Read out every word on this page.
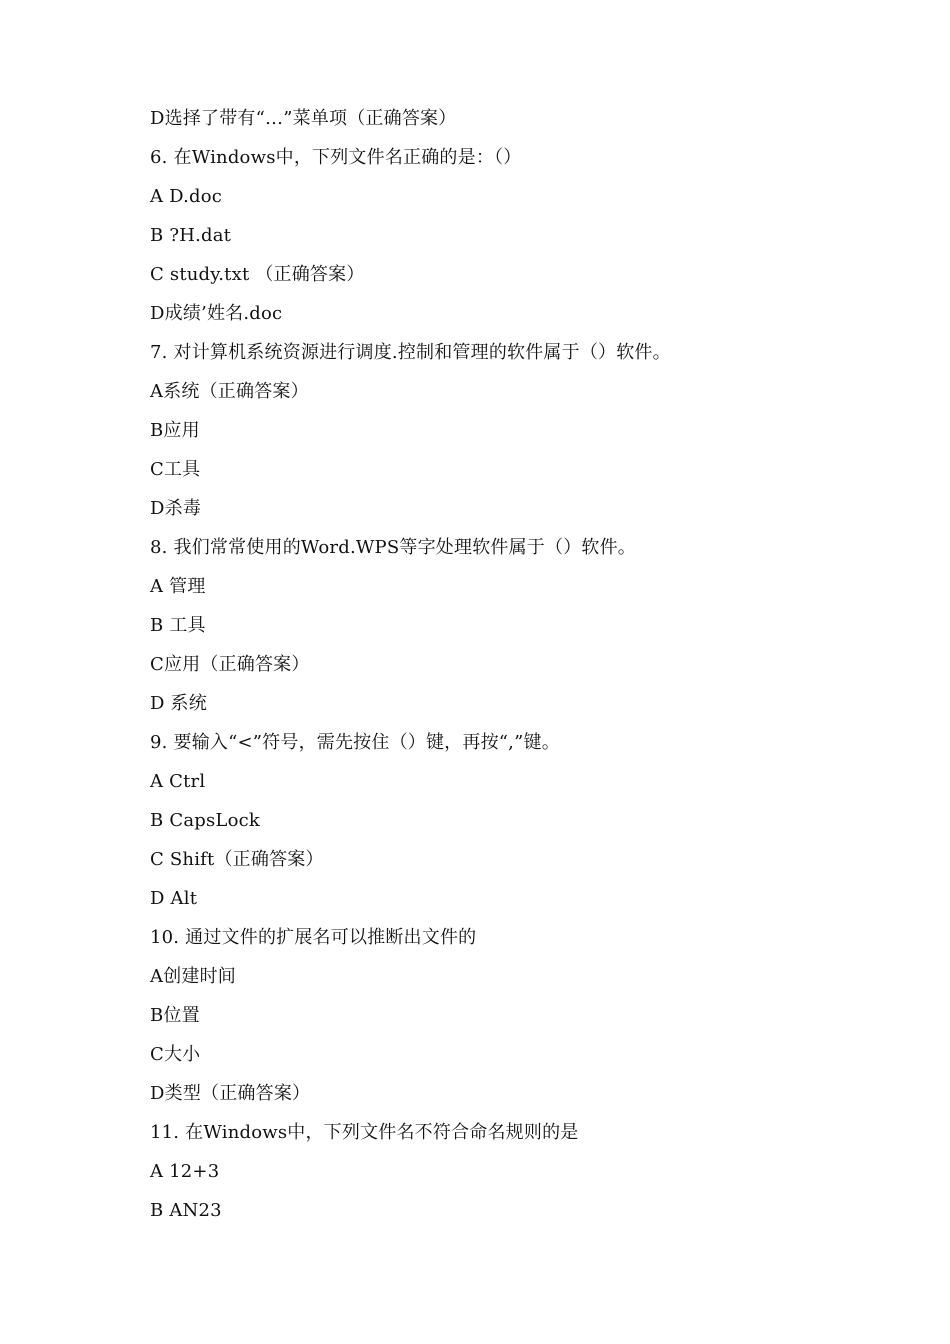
D选择了带有“…”菜单项（正确答案）
6. 在Windows中，下列文件名正确的是：（）
A D.doc
B ?H.dat
C study.txt （正确答案）
D成绩’姓名.doc
7. 对计算机系统资源进行调度.控制和管理的软件属于（）软件。
A系统（正确答案）
B应用
C工具
D杀毒
8. 我们常常使用的Word.WPS等字处理软件属于（）软件。
A 管理
B 工具
C应用（正确答案）
D 系统
9. 要输入“<”符号，需先按住（）键，再按“,”键。
A Ctrl
B CapsLock
C Shift（正确答案）
D Alt
10. 通过文件的扩展名可以推断出文件的
A创建时间
B位置
C大小
D类型（正确答案）
11. 在Windows中，下列文件名不符合命名规则的是
A 12+3
B AN23
